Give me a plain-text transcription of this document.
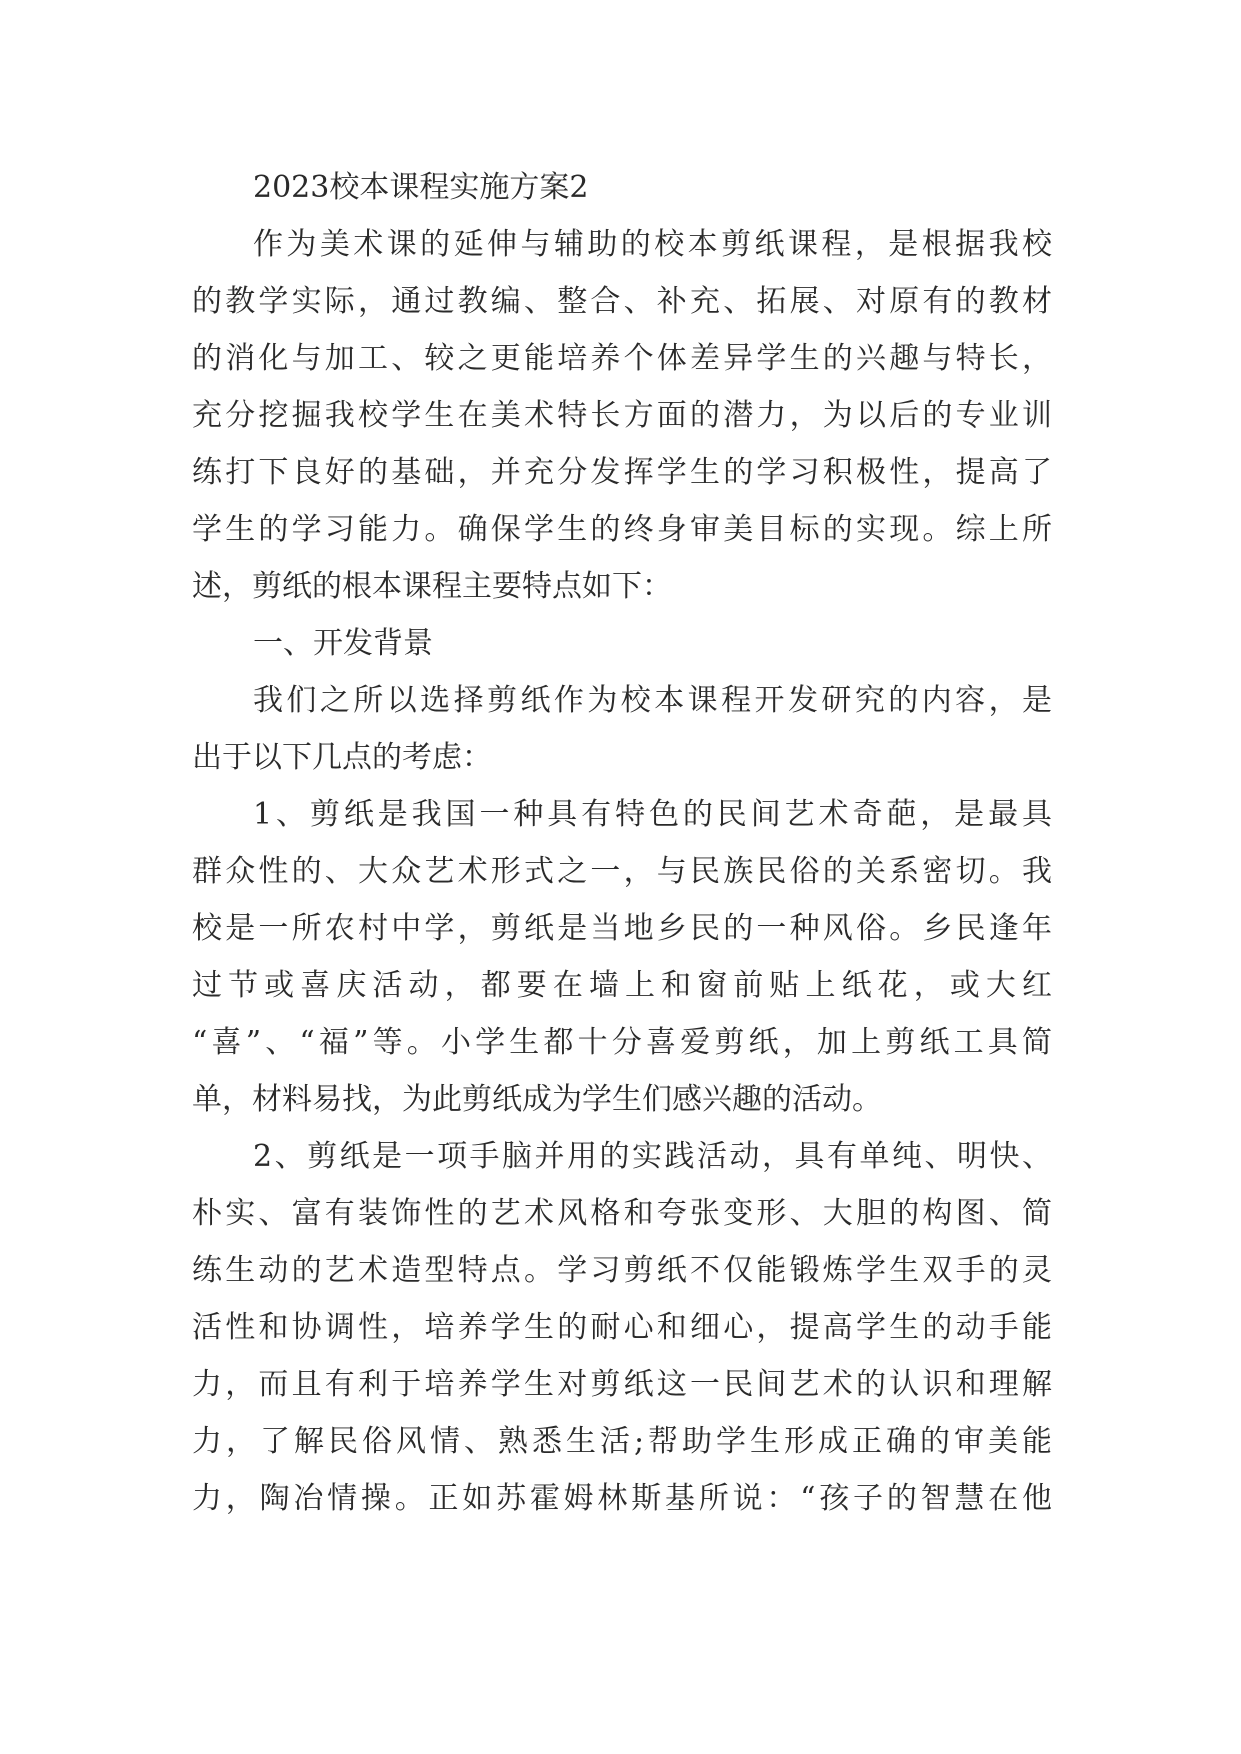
2023校本课程实施方案2
作为美术课的延伸与辅助的校本剪纸课程，是根据我校
的教学实际，通过教编、整合、补充、拓展、对原有的教材
的消化与加工、较之更能培养个体差异学生的兴趣与特长，
充分挖掘我校学生在美术特长方面的潜力，为以后的专业训
练打下良好的基础，并充分发挥学生的学习积极性，提高了
学生的学习能力。确保学生的终身审美目标的实现。综上所
述，剪纸的根本课程主要特点如下：
一、开发背景
我们之所以选择剪纸作为校本课程开发研究的内容，是
出于以下几点的考虑：
1、剪纸是我国一种具有特色的民间艺术奇葩，是最具
群众性的、大众艺术形式之一，与民族民俗的关系密切。我
校是一所农村中学，剪纸是当地乡民的一种风俗。乡民逢年
过节或喜庆活动，都要在墙上和窗前贴上纸花，或大红
“喜”、“福”等。小学生都十分喜爱剪纸，加上剪纸工具简
单，材料易找，为此剪纸成为学生们感兴趣的活动。
2、剪纸是一项手脑并用的实践活动，具有单纯、明快、
朴实、富有装饰性的艺术风格和夸张变形、大胆的构图、简
练生动的艺术造型特点。学习剪纸不仅能锻炼学生双手的灵
活性和协调性，培养学生的耐心和细心，提高学生的动手能
力，而且有利于培养学生对剪纸这一民间艺术的认识和理解
力，了解民俗风情、熟悉生活;帮助学生形成正确的审美能
力，陶冶情操。正如苏霍姆林斯基所说：“孩子的智慧在他
